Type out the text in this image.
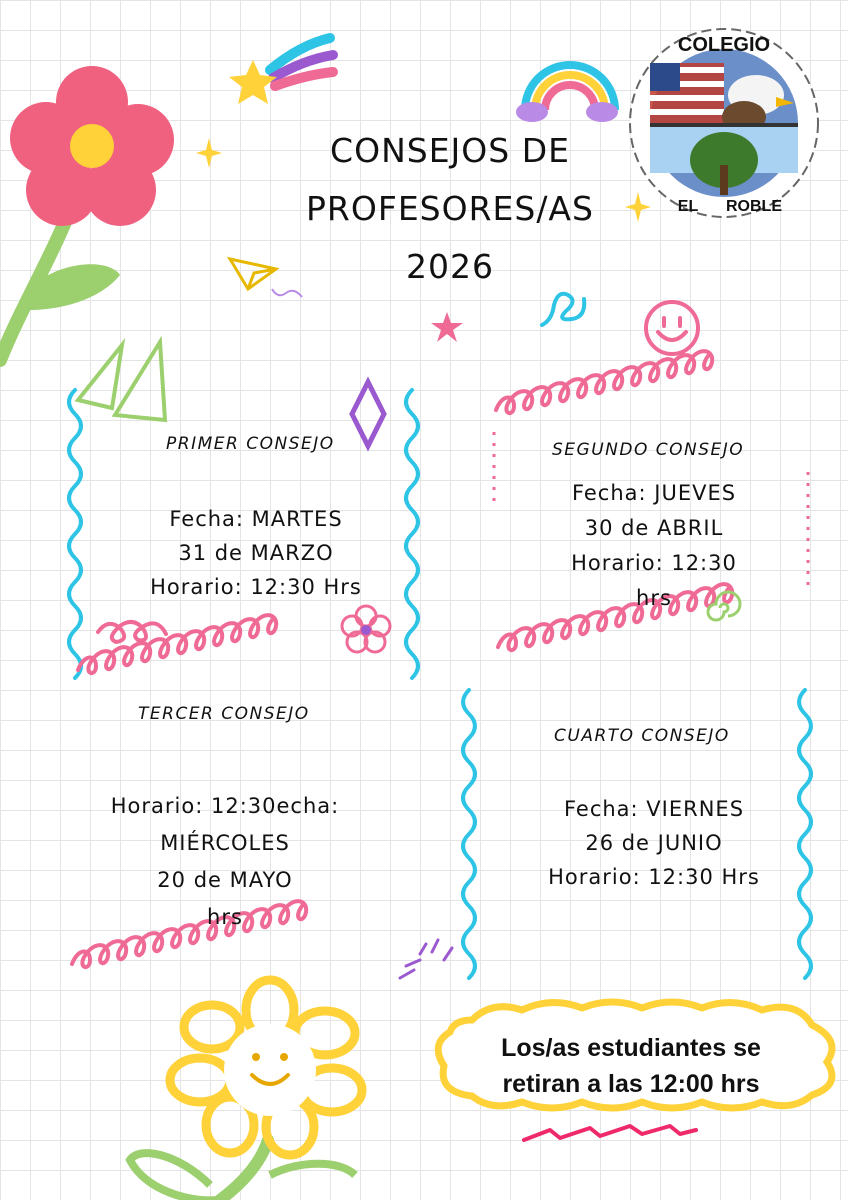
COLEGIO
EL ROBLE
CONSEJOS DE
PROFESORES/AS
2026
PRIMER CONSEJO
Fecha: MARTES
31 de MARZO
Horario: 12:30 Hrs
SEGUNDO CONSEJO
Fecha: JUEVES
30 de ABRIL
Horario: 12:30
hrs
TERCER CONSEJO
Horario: 12:30echa:
MIÉRCOLES
20 de MAYO
hrs
CUARTO CONSEJO
Fecha: VIERNES
26 de JUNIO
Horario: 12:30 Hrs
Los/as estudiantes se
retiran a las 12:00 hrs
